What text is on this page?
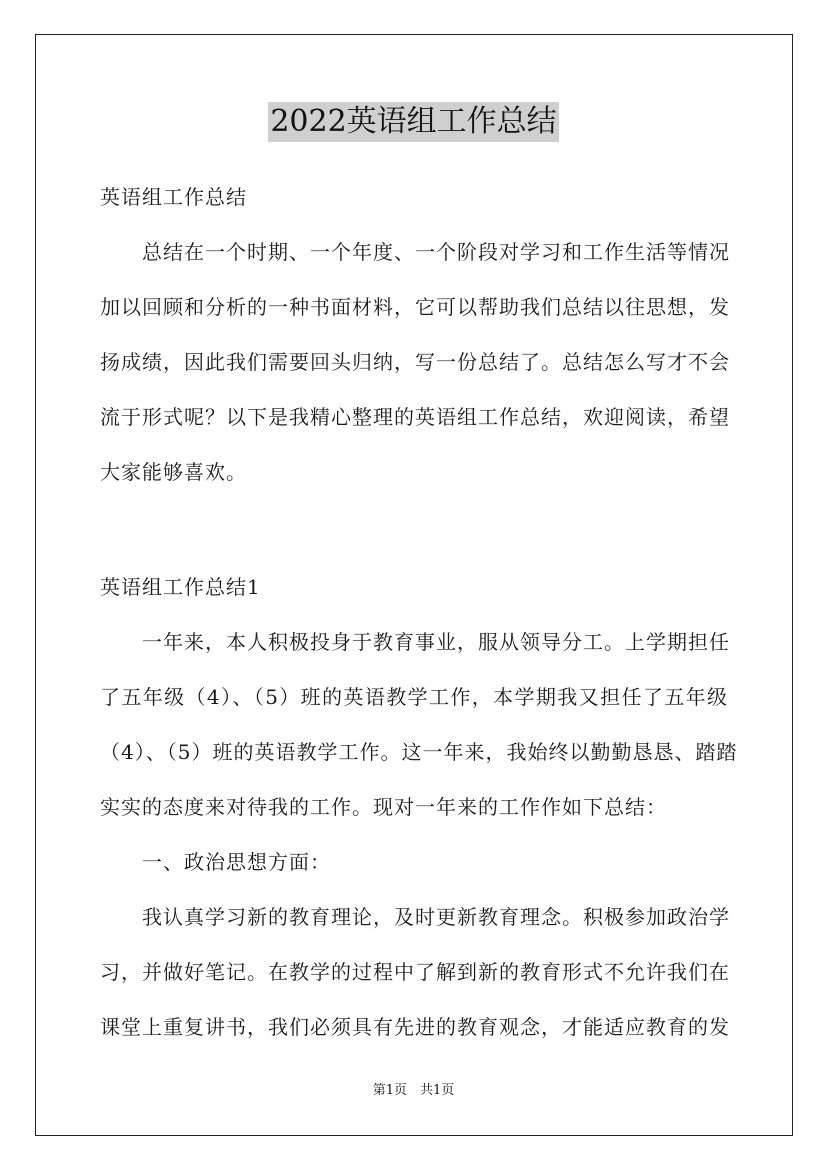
2022英语组工作总结
英语组工作总结
　　总结在一个时期、一个年度、一个阶段对学习和工作生活等情况
加以回顾和分析的一种书面材料，它可以帮助我们总结以往思想，发
扬成绩，因此我们需要回头归纳，写一份总结了。总结怎么写才不会
流于形式呢？以下是我精心整理的英语组工作总结，欢迎阅读，希望
大家能够喜欢。
英语组工作总结1
　　一年来，本人积极投身于教育事业，服从领导分工。上学期担任
了五年级（4）、（5）班的英语教学工作，本学期我又担任了五年级
（4）、（5）班的英语教学工作。这一年来，我始终以勤勤恳恳、踏踏
实实的态度来对待我的工作。现对一年来的工作作如下总结：
　　一、政治思想方面：
　　我认真学习新的教育理论，及时更新教育理念。积极参加政治学
习，并做好笔记。在教学的过程中了解到新的教育形式不允许我们在
课堂上重复讲书，我们必须具有先进的教育观念，才能适应教育的发
第1页　共1页
